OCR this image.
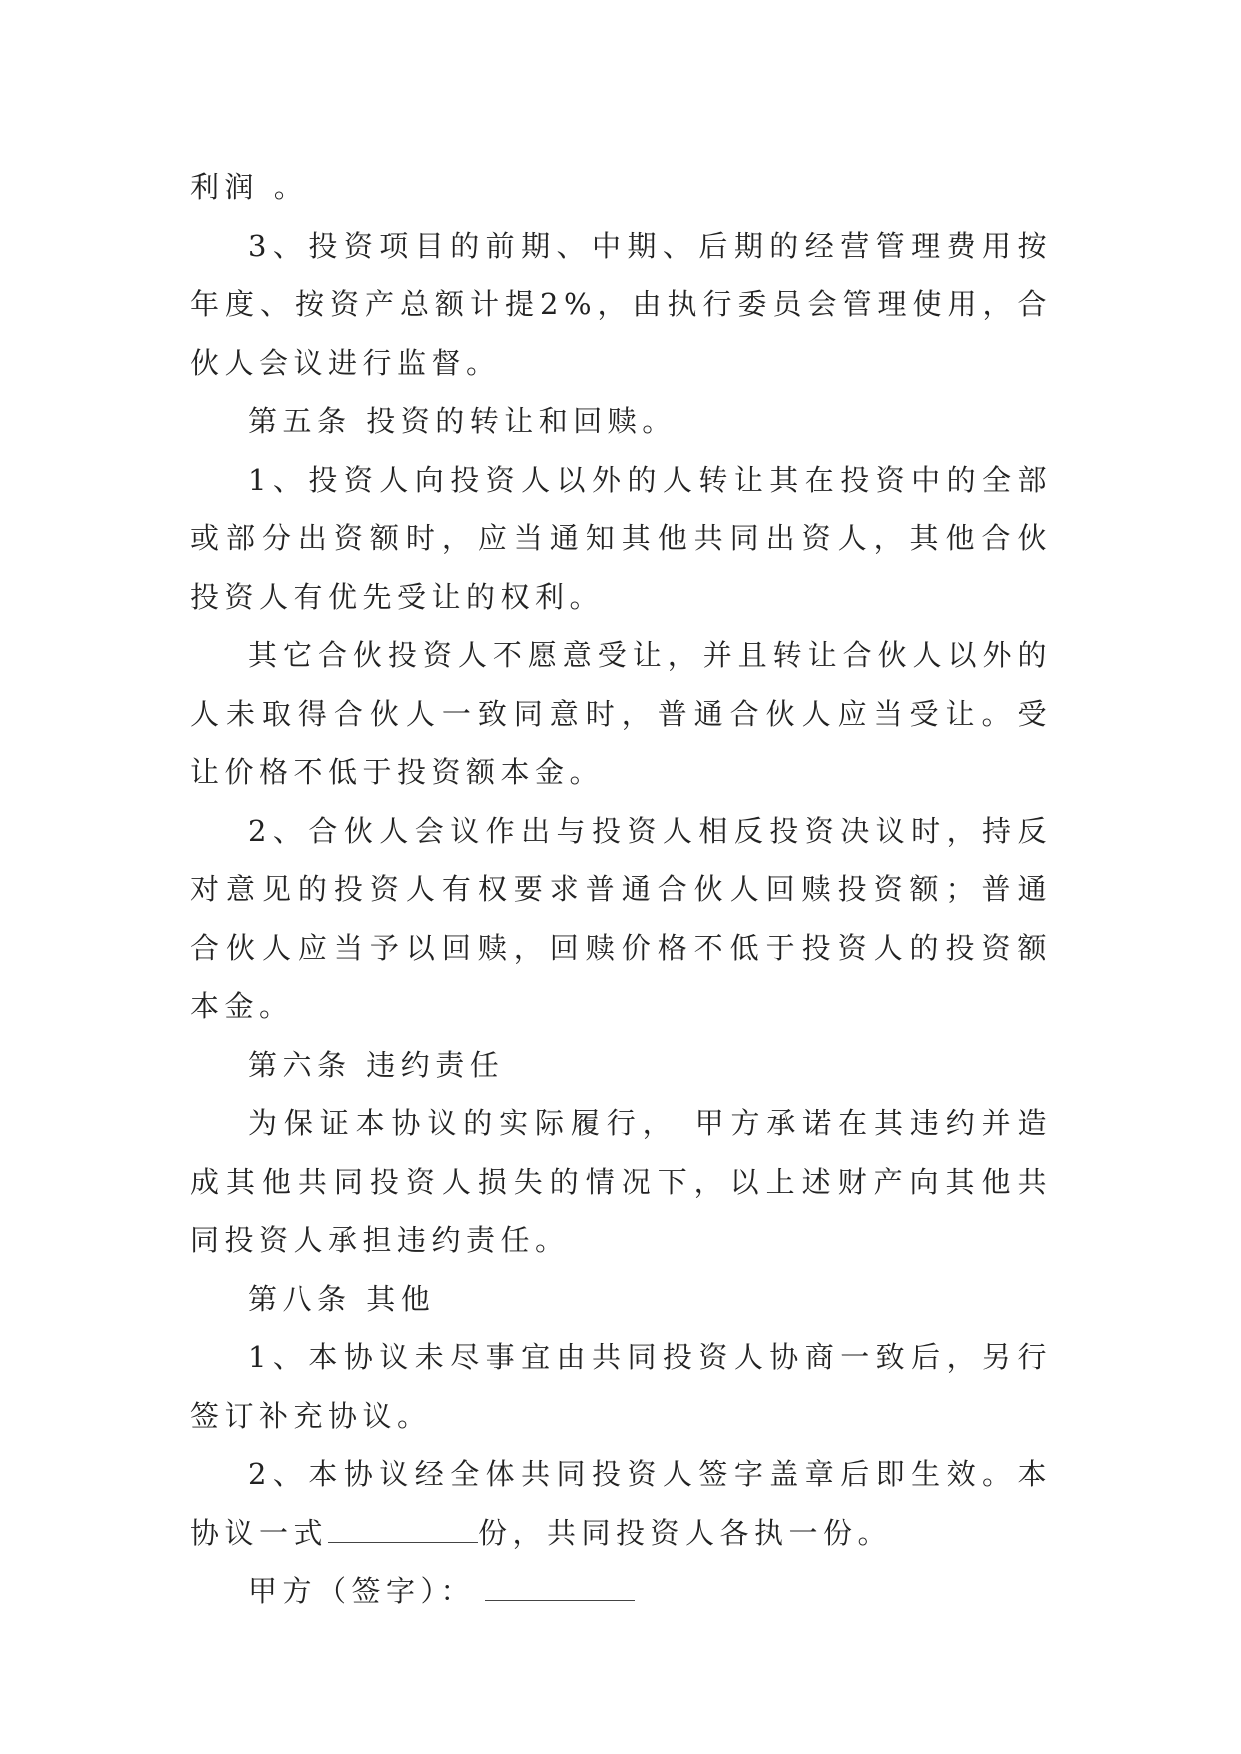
利润 。

3、投资项目的前期、中期、后期的经营管理费用按年度、按资产总额计提2%，由执行委员会管理使用，合伙人会议进行监督。

第五条 投资的转让和回赎。

1、投资人向投资人以外的人转让其在投资中的全部或部分出资额时，应当通知其他共同出资人，其他合伙投资人有优先受让的权利。

其它合伙投资人不愿意受让，并且转让合伙人以外的人未取得合伙人一致同意时，普通合伙人应当受让。受让价格不低于投资额本金。

2、合伙人会议作出与投资人相反投资决议时，持反对意见的投资人有权要求普通合伙人回赎投资额；普通合伙人应当予以回赎，回赎价格不低于投资人的投资额本金。

第六条 违约责任

为保证本协议的实际履行， 甲方承诺在其违约并造成其他共同投资人损失的情况下，以上述财产向其他共同投资人承担违约责任。

第八条 其他

1、本协议未尽事宜由共同投资人协商一致后，另行签订补充协议。

2、本协议经全体共同投资人签字盖章后即生效。本协议一式	份，共同投资人各执一份。

甲方（签字）：
